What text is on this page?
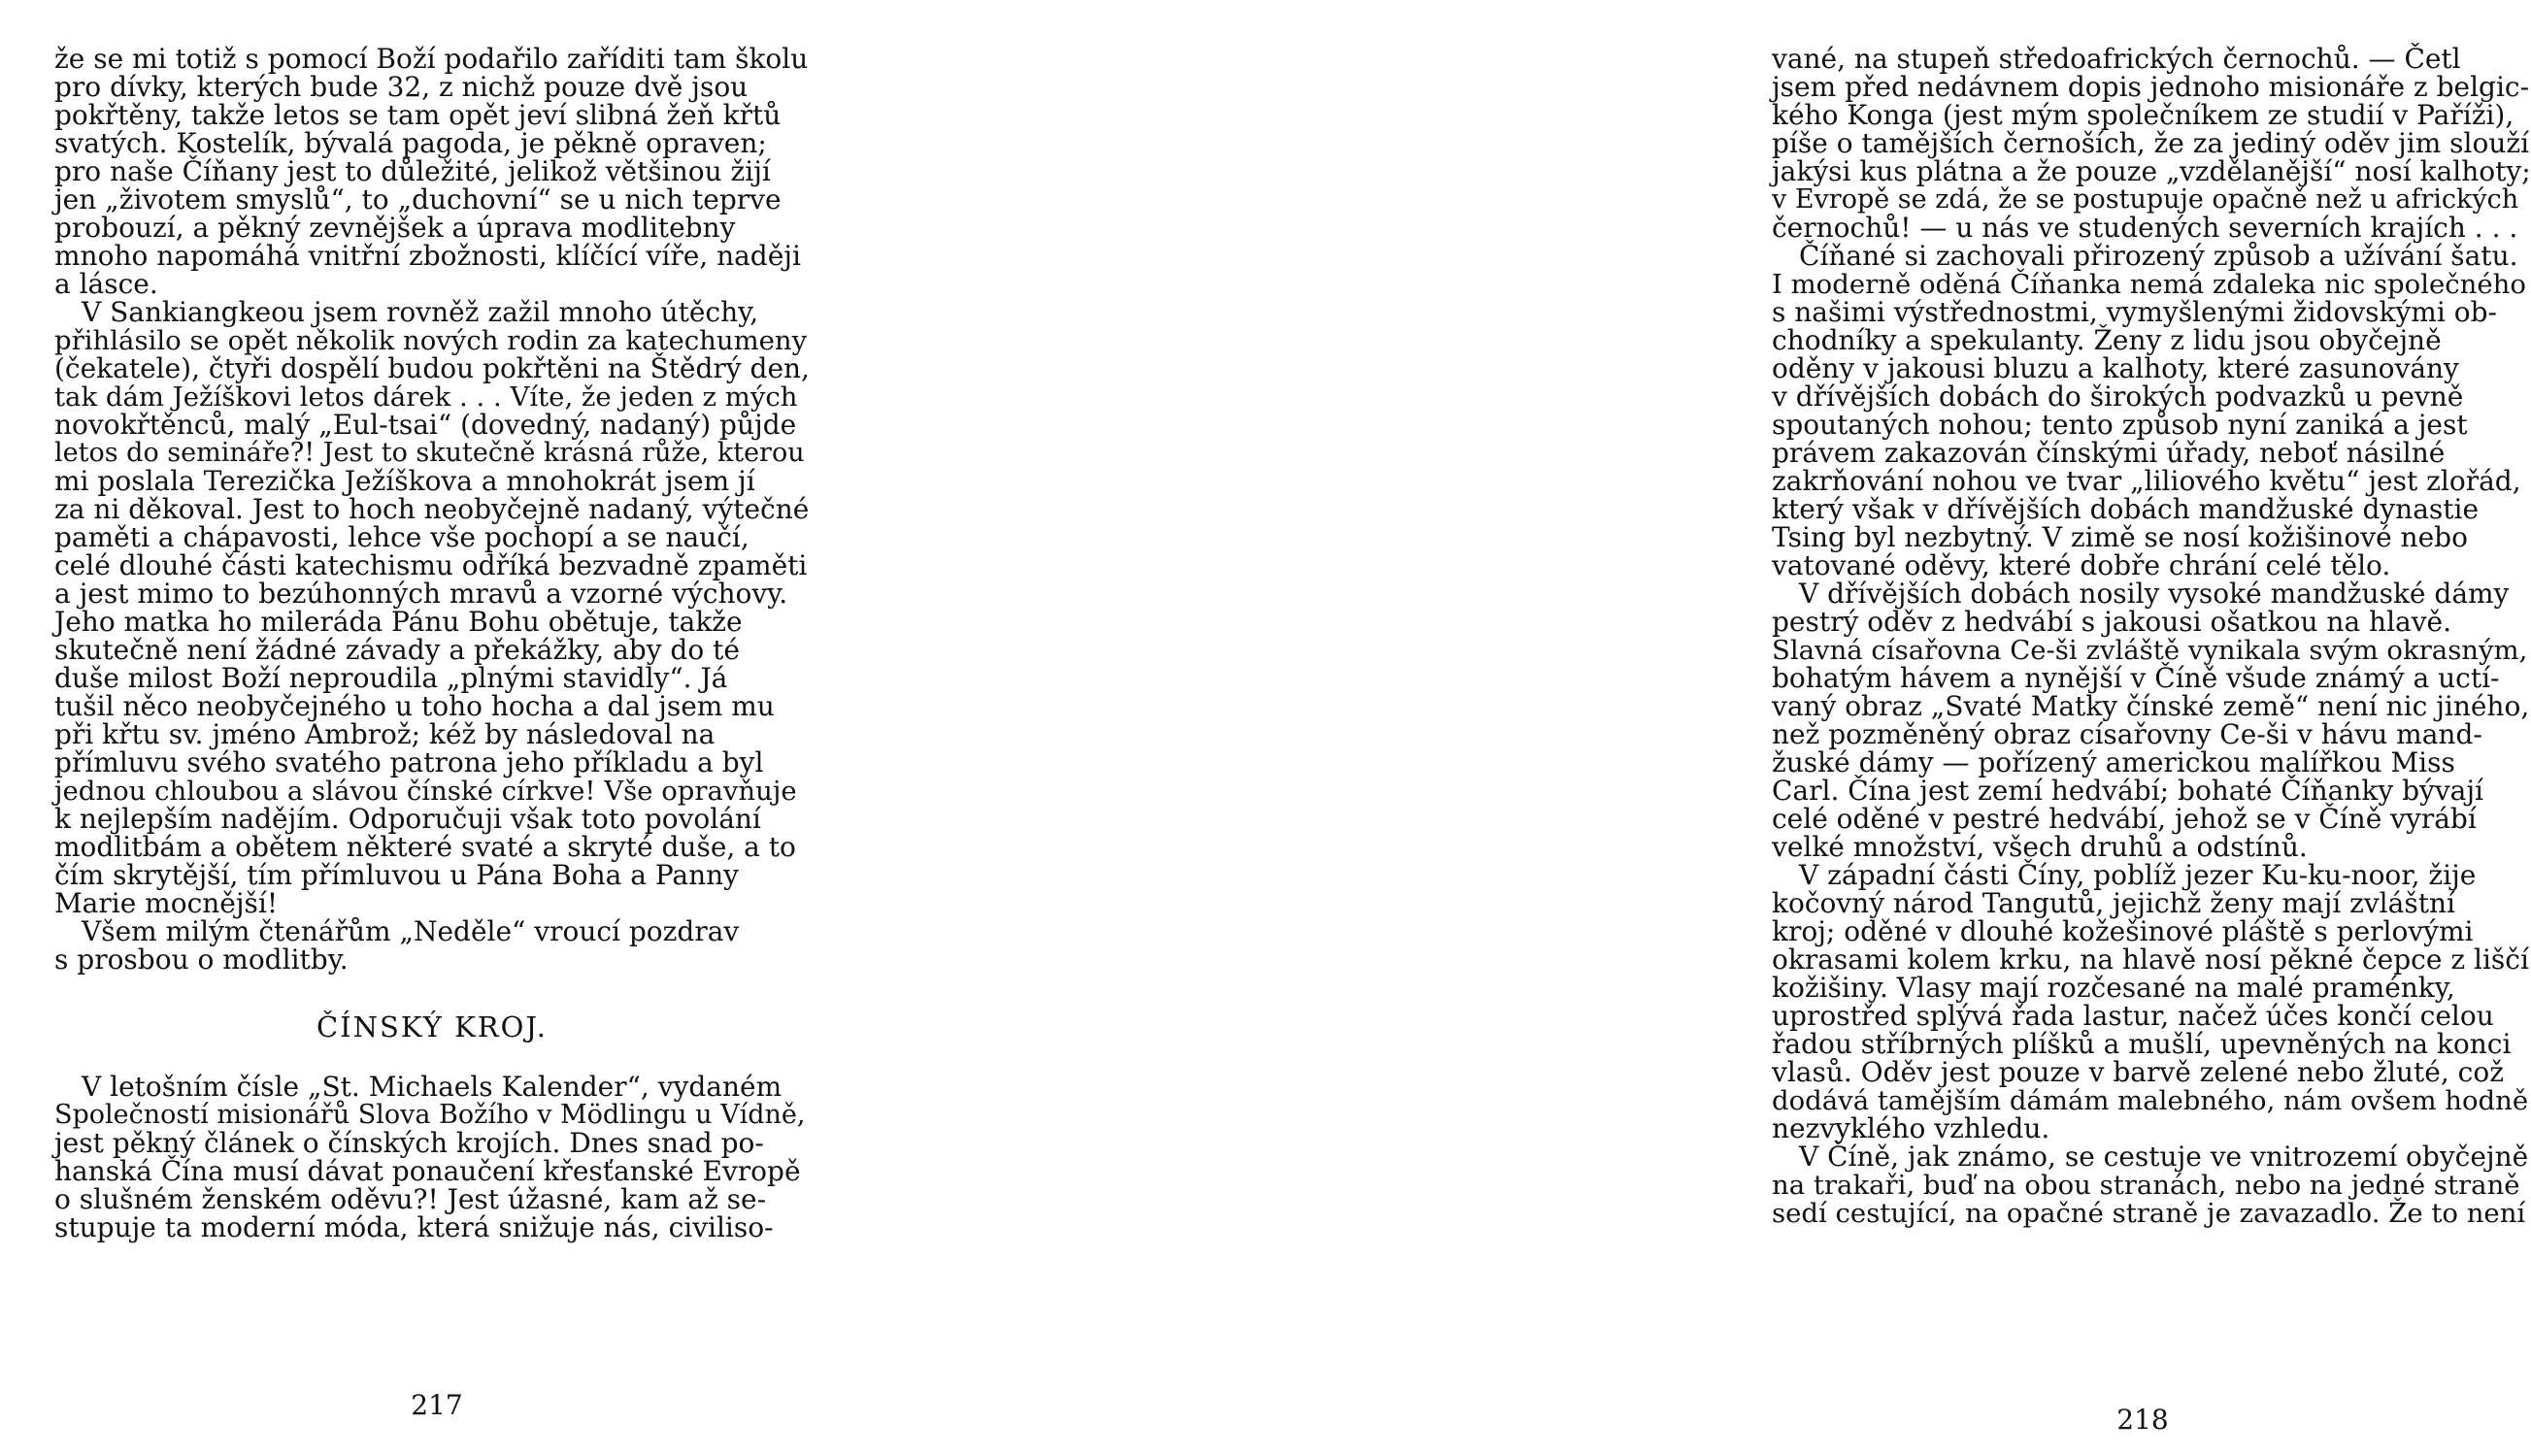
že se mi totiž s pomocí Boží podařilo zaříditi tam školu
pro dívky, kterých bude 32, z nichž pouze dvě jsou
pokřtěny, takže letos se tam opět jeví slibná žeň křtů
svatých. Kostelík, bývalá pagoda, je pěkně opraven;
pro naše Číňany jest to důležité, jelikož většinou žijí
jen „životem smyslů“, to „duchovní“ se u nich teprve
probouzí, a pěkný zevnějšek a úprava modlitebny
mnoho napomáhá vnitřní zbožnosti, klíčící víře, naději
a lásce.
V Sankiangkeou jsem rovněž zažil mnoho útěchy,
přihlásilo se opět několik nových rodin za katechumeny
(čekatele), čtyři dospělí budou pokřtěni na Štědrý den,
tak dám Ježíškovi letos dárek . . . Víte, že jeden z mých
novokřtěnců, malý „Eul-tsai“ (dovedný, nadaný) půjde
letos do semináře?! Jest to skutečně krásná růže, kterou
mi poslala Terezička Ježíškova a mnohokrát jsem jí
za ni děkoval. Jest to hoch neobyčejně nadaný, výtečné
paměti a chápavosti, lehce vše pochopí a se naučí,
celé dlouhé části katechismu odříká bezvadně zpaměti
a jest mimo to bezúhonných mravů a vzorné výchovy.
Jeho matka ho mileráda Pánu Bohu obětuje, takže
skutečně není žádné závady a překážky, aby do té
duše milost Boží neproudila „plnými stavidly“. Já
tušil něco neobyčejného u toho hocha a dal jsem mu
při křtu sv. jméno Ambrož; kéž by následoval na
přímluvu svého svatého patrona jeho příkladu a byl
jednou chloubou a slávou čínské církve! Vše opravňuje
k nejlepším nadějím. Odporučuji však toto povolání
modlitbám a obětem některé svaté a skryté duše, a to
čím skrytější, tím přímluvou u Pána Boha a Panny
Marie mocnější!
Všem milým čtenářům „Neděle“ vroucí pozdrav
s prosbou o modlitby.
ČÍNSKÝ KROJ.
V letošním čísle „St. Michaels Kalender“, vydaném
Společností misionářů Slova Božího v Mödlingu u Vídně,
jest pěkný článek o čínských krojích. Dnes snad po-
hanská Čína musí dávat ponaučení křesťanské Evropě
o slušném ženském oděvu?! Jest úžasné, kam až se-
stupuje ta moderní móda, která snižuje nás, civiliso-
217
vané, na stupeň středoafrických černochů. — Četl
jsem před nedávnem dopis jednoho misionáře z belgic-
kého Konga (jest mým společníkem ze studií v Paříži),
píše o tamějších černoších, že za jediný oděv jim slouží
jakýsi kus plátna a že pouze „vzdělanější“ nosí kalhoty;
v Evropě se zdá, že se postupuje opačně než u afrických
černochů! — u nás ve studených severních krajích . . .
Číňané si zachovali přirozený způsob a užívání šatu.
I moderně oděná Číňanka nemá zdaleka nic společného
s našimi výstřednostmi, vymyšlenými židovskými ob-
chodníky a spekulanty. Ženy z lidu jsou obyčejně
oděny v jakousi bluzu a kalhoty, které zasunovány
v dřívějších dobách do širokých podvazků u pevně
spoutaných nohou; tento způsob nyní zaniká a jest
právem zakazován čínskými úřady, neboť násilné
zakrňování nohou ve tvar „liliového květu“ jest zlořád,
který však v dřívějších dobách mandžuské dynastie
Tsing byl nezbytný. V zimě se nosí kožišinové nebo
vatované oděvy, které dobře chrání celé tělo.
V dřívějších dobách nosily vysoké mandžuské dámy
pestrý oděv z hedvábí s jakousi ošatkou na hlavě.
Slavná císařovna Ce-ši zvláště vynikala svým okrasným,
bohatým hávem a nynější v Číně všude známý a uctí-
vaný obraz „Svaté Matky čínské země“ není nic jiného,
než pozměněný obraz císařovny Ce-ši v hávu mand-
žuské dámy — pořízený americkou malířkou Miss
Carl. Čína jest zemí hedvábí; bohaté Číňanky bývají
celé oděné v pestré hedvábí, jehož se v Číně vyrábí
velké množství, všech druhů a odstínů.
V západní části Číny, poblíž jezer Ku-ku-noor, žije
kočovný národ Tangutů, jejichž ženy mají zvláštní
kroj; oděné v dlouhé kožešinové pláště s perlovými
okrasami kolem krku, na hlavě nosí pěkné čepce z liščí
kožišiny. Vlasy mají rozčesané na malé praménky,
uprostřed splývá řada lastur, načež účes končí celou
řadou stříbrných plíšků a mušlí, upevněných na konci
vlasů. Oděv jest pouze v barvě zelené nebo žluté, což
dodává tamějším dámám malebného, nám ovšem hodně
nezvyklého vzhledu.
V Číně, jak známo, se cestuje ve vnitrozemí obyčejně
na trakaři, buď na obou stranách, nebo na jedné straně
sedí cestující, na opačné straně je zavazadlo. Že to není
218
